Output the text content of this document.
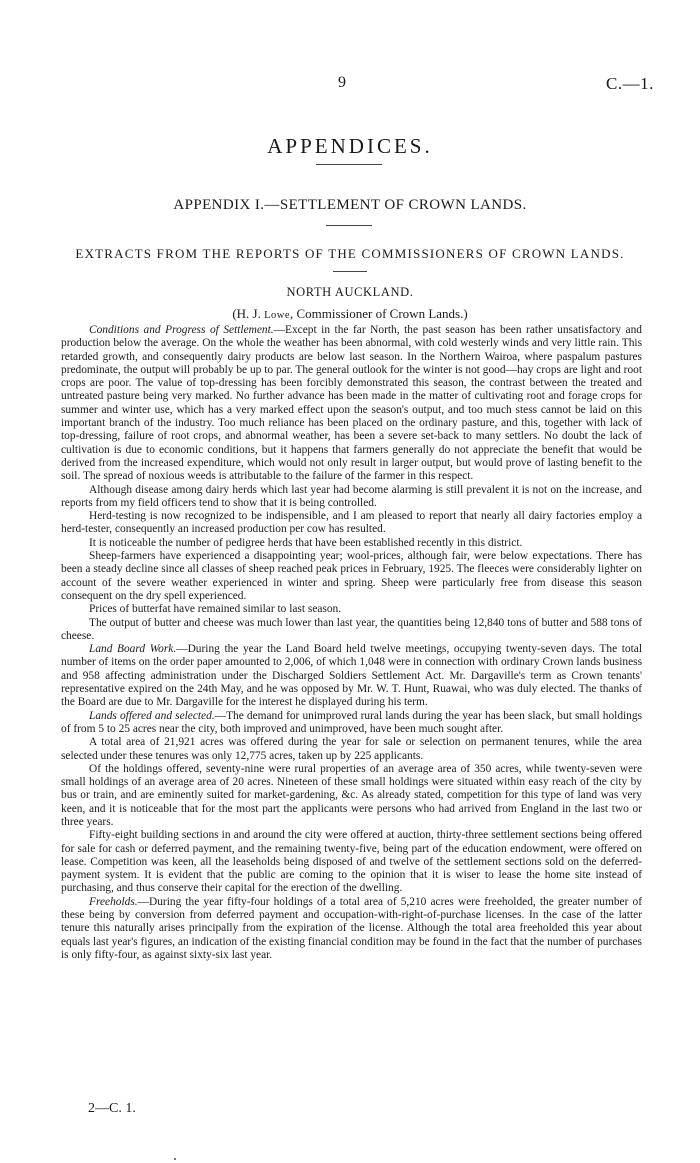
9	C.—1.
APPENDICES.
APPENDIX I.—SETTLEMENT OF CROWN LANDS.
EXTRACTS FROM THE REPORTS OF THE COMMISSIONERS OF CROWN LANDS.
NORTH AUCKLAND.
(H. J. Lowe, Commissioner of Crown Lands.)

Conditions and Progress of Settlement.—Except in the far North, the past season has been rather unsatisfactory and production below the average. On the whole the weather has been abnormal, with cold westerly winds and very little rain. This retarded growth, and consequently dairy products are below last season. In the Northern Wairoa, where paspalum pastures predominate, the output will probably be up to par. The general outlook for the winter is not good—hay crops are light and root crops are poor. The value of top-dressing has been forcibly demonstrated this season, the contrast between the treated and untreated pasture being very marked. No further advance has been made in the matter of cultivating root and forage crops for summer and winter use, which has a very marked effect upon the season's output, and too much stess cannot be laid on this important branch of the industry. Too much reliance has been placed on the ordinary pasture, and this, together with lack of top-dressing, failure of root crops, and abnormal weather, has been a severe set-back to many settlers. No doubt the lack of cultivation is due to economic conditions, but it happens that farmers generally do not appreciate the benefit that would be derived from the increased expenditure, which would not only result in larger output, but would prove of lasting benefit to the soil. The spread of noxious weeds is attributable to the failure of the farmer in this respect.

Although disease among dairy herds which last year had become alarming is still prevalent it is not on the increase, and reports from my field officers tend to show that it is being controlled.

Herd-testing is now recognized to be indispensible, and I am pleased to report that nearly all dairy factories employ a herd-tester, consequently an increased production per cow has resulted.

It is noticeable the number of pedigree herds that have been established recently in this district.

Sheep-farmers have experienced a disappointing year; wool-prices, although fair, were below expectations. There has been a steady decline since all classes of sheep reached peak prices in February, 1925. The fleeces were considerably lighter on account of the severe weather experienced in winter and spring. Sheep were particularly free from disease this season consequent on the dry spell experienced.

Prices of butterfat have remained similar to last season.

The output of butter and cheese was much lower than last year, the quantities being 12,840 tons of butter and 588 tons of cheese.

Land Board Work.—During the year the Land Board held twelve meetings, occupying twenty-seven days. The total number of items on the order paper amounted to 2,006, of which 1,048 were in connection with ordinary Crown lands business and 958 affecting administration under the Discharged Soldiers Settlement Act. Mr. Dargaville's term as Crown tenants' representative expired on the 24th May, and he was opposed by Mr. W. T. Hunt, Ruawai, who was duly elected. The thanks of the Board are due to Mr. Dargaville for the interest he displayed during his term.

Lands offered and selected.—The demand for unimproved rural lands during the year has been slack, but small holdings of from 5 to 25 acres near the city, both improved and unimproved, have been much sought after.

A total area of 21,921 acres was offered during the year for sale or selection on permanent tenures, while the area selected under these tenures was only 12,775 acres, taken up by 225 applicants.

Of the holdings offered, seventy-nine were rural properties of an average area of 350 acres, while twenty-seven were small holdings of an average area of 20 acres. Nineteen of these small holdings were situated within easy reach of the city by bus or train, and are eminently suited for market-gardening, &c. As already stated, competition for this type of land was very keen, and it is noticeable that for the most part the applicants were persons who had arrived from England in the last two or three years.

Fifty-eight building sections in and around the city were offered at auction, thirty-three settlement sections being offered for sale for cash or deferred payment, and the remaining twenty-five, being part of the education endowment, were offered on lease. Competition was keen, all the leaseholds being disposed of and twelve of the settlement sections sold on the deferred-payment system. It is evident that the public are coming to the opinion that it is wiser to lease the home site instead of purchasing, and thus conserve their capital for the erection of the dwelling.

Freeholds.—During the year fifty-four holdings of a total area of 5,210 acres were freeholded, the greater number of these being by conversion from deferred payment and occupation-with-right-of-purchase licenses. In the case of the latter tenure this naturally arises principally from the expiration of the license. Although the total area freeholded this year about equals last year's figures, an indication of the existing financial condition may be found in the fact that the number of purchases is only fifty-four, as against sixty-six last year.

2—C. 1.
